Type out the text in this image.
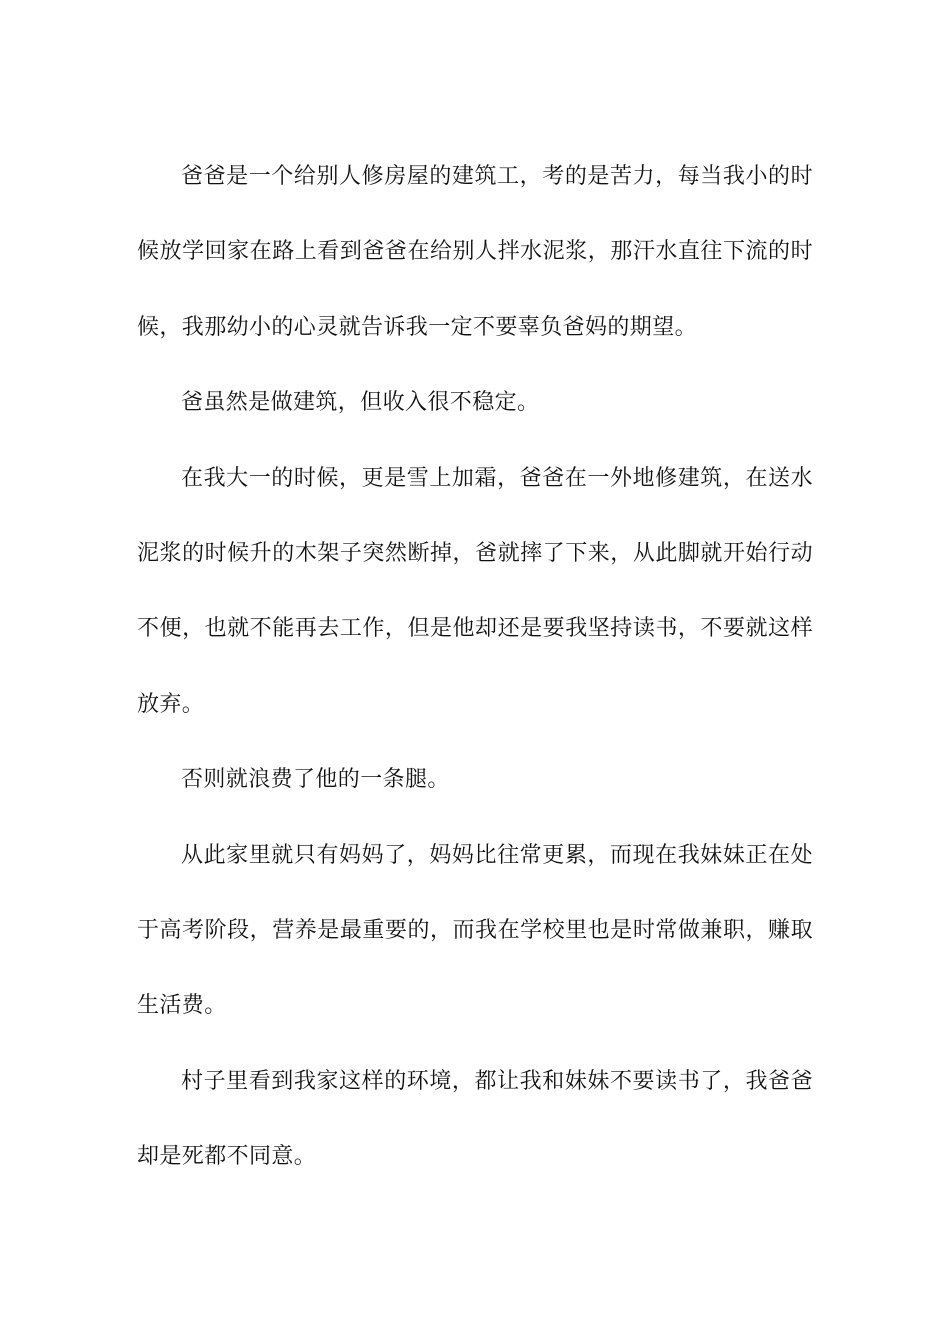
爸爸是一个给别人修房屋的建筑工，考的是苦力，每当我小的时候放学回家在路上看到爸爸在给别人拌水泥浆，那汗水直往下流的时候，我那幼小的心灵就告诉我一定不要辜负爸妈的期望。

爸虽然是做建筑，但收入很不稳定。

在我大一的时候，更是雪上加霜，爸爸在一外地修建筑，在送水泥浆的时候升的木架子突然断掉，爸就摔了下来，从此脚就开始行动不便，也就不能再去工作，但是他却还是要我坚持读书，不要就这样放弃。

否则就浪费了他的一条腿。

从此家里就只有妈妈了，妈妈比往常更累，而现在我妹妹正在处于高考阶段，营养是最重要的，而我在学校里也是时常做兼职，赚取生活费。

村子里看到我家这样的环境，都让我和妹妹不要读书了，我爸爸却是死都不同意。
